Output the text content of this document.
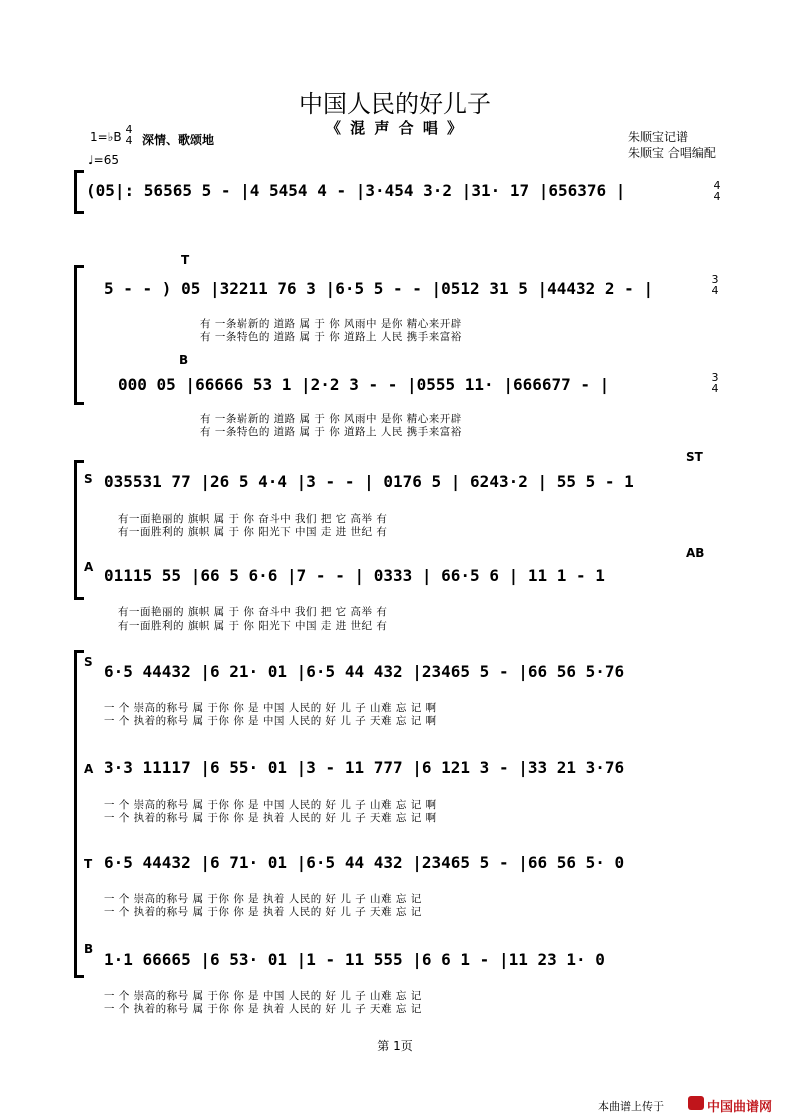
中国人民的好儿子
《 混 声 合 唱 》	朱顺宝记谱
朱顺宝 合唱编配
1=♭B
4
4 深情、歌颂地
♩=65
(05|: 56565 5 - |4 5454 4 - |3·454 3·2 |31· 17 |656376 |	4
4
T
5 - - ) 05 |32211 76 3 |6·5 5 - - |0512 31 5 |44432 2 - |
有 一条崭新的 道路 属 于 你 风雨中 是你 精心来开辟
有 一条特色的 道路 属 于 你 道路上 人民 携手来富裕
B
000 05 |66666 53 1 |2·2 3 - - |0555 11· |666677 - |
有 一条崭新的 道路 属 于 你 风雨中 是你 精心来开辟
有 一条特色的 道路 属 于 你 道路上 人民 携手来富裕
3
4
3
4
S
ST
035531 77 |26 5 4·4 |3 - - | 0176 5 | 6243·2 | 55 5 - 1
有一面艳丽的 旗帜 属 于 你 奋斗中 我们 把 它 高举 有
有一面胜利的 旗帜 属 于 你 阳光下 中国 走 进 世纪 有
A
AB
01115 55 |66 5 6·6 |7 - - | 0333 | 66·5 6 | 11 1 - 1
有一面艳丽的 旗帜 属 于 你 奋斗中 我们 把 它 高举 有
有一面胜利的 旗帜 属 于 你 阳光下 中国 走 进 世纪 有
S 6·5 44432 |6 21· 01 |6·5 44 432 |23465 5 - |66 56 5·76
一 个 崇高的称号 属 于你 你 是 中国 人民的 好 儿 子 山难 忘 记 啊
一 个 执着的称号 属 于你 你 是 中国 人民的 好 儿 子 天难 忘 记 啊
A 3·3 11117 |6 55· 01 |3 - 11 777 |6 121 3 - |33 21 3·76
一 个 崇高的称号 属 于你 你 是 中国 人民的 好 儿 子 山难 忘 记 啊
一 个 执着的称号 属 于你 你 是 执着 人民的 好 儿 子 天难 忘 记 啊
T 6·5 44432 |6 71· 01 |6·5 44 432 |23465 5 - |66 56 5· 0
一 个 崇高的称号 属 于你 你 是 执着 人民的 好 儿 子 山难 忘 记
一 个 执着的称号 属 于你 你 是 执着 人民的 好 儿 子 天难 忘 记
B
1·1 66665 |6 53· 01 |1 - 11 555 |6 6 1 - |11 23 1· 0
一 个 崇高的称号 属 于你 你 是 中国 人民的 好 儿 子 山难 忘 记
一 个 执着的称号 属 于你 你 是 执着 人民的 好 儿 子 天难 忘 记
第 1页
本曲谱上传于	中国曲谱网
